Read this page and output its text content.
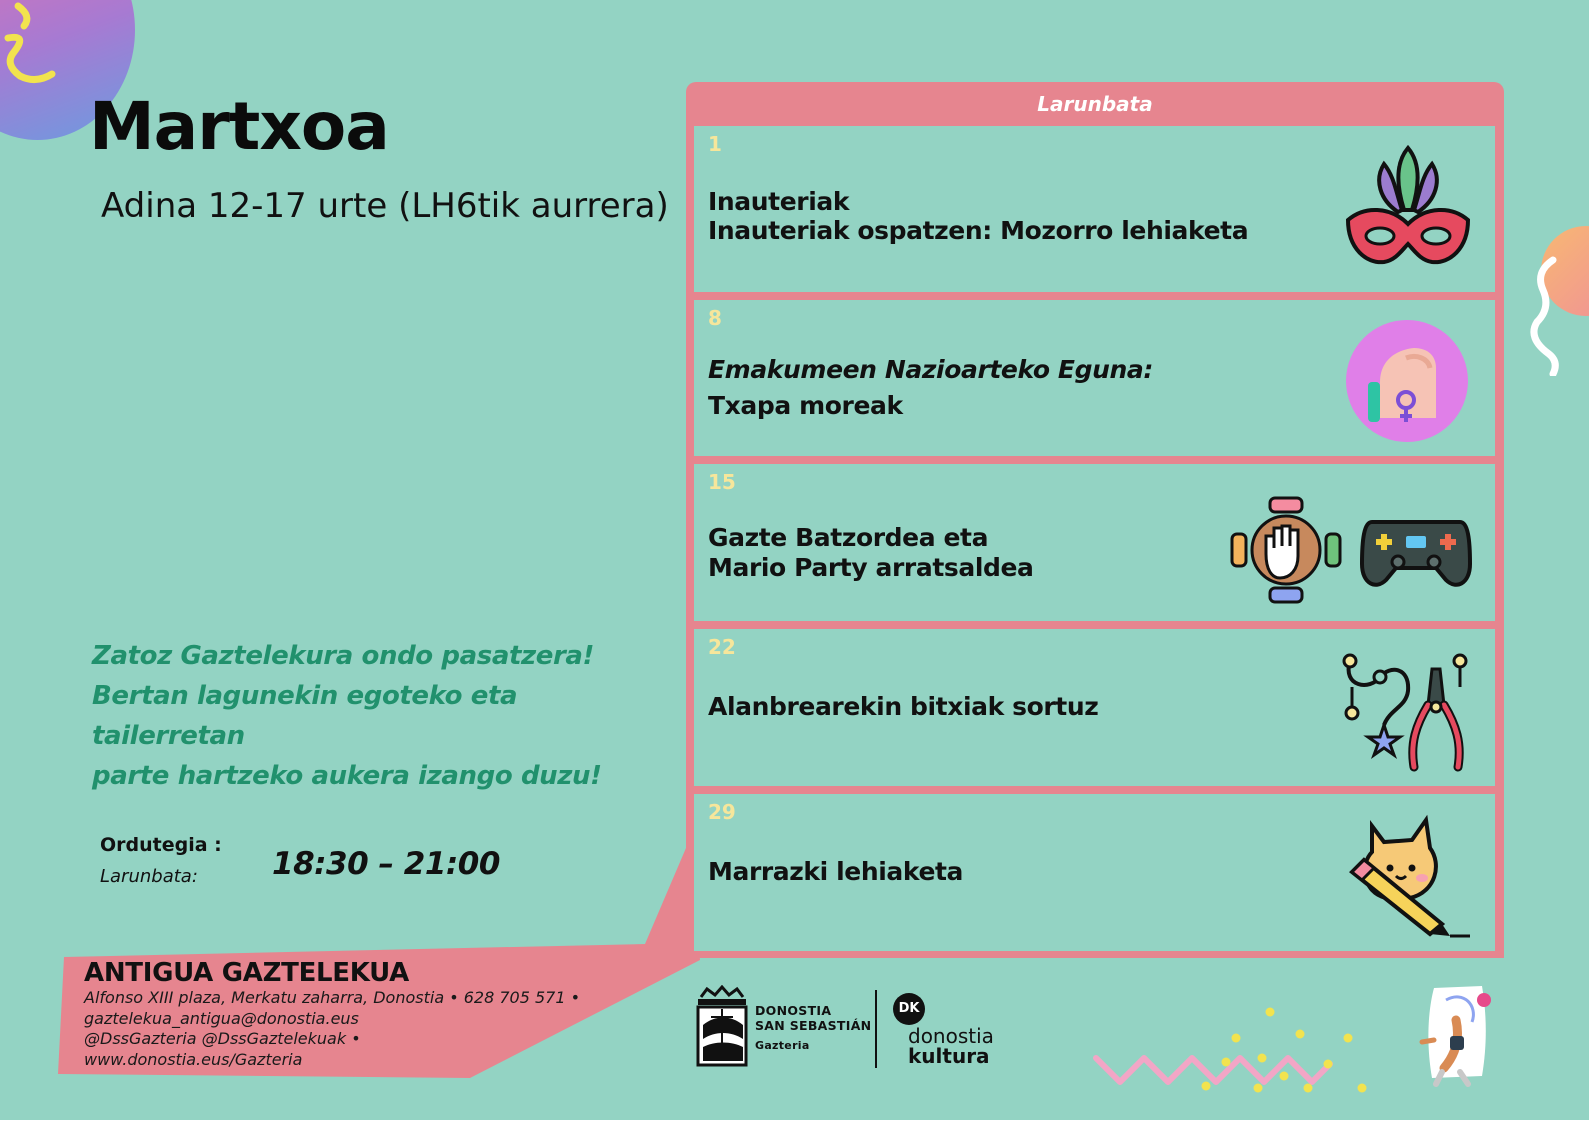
Martxoa
Adina 12-17 urte (LH6tik aurrera)
Zatoz Gaztelekura ondo pasatzera!
Bertan lagunekin egoteko eta tailerretan
parte hartzeko aukera izango duzu!
Ordutegia :
Larunbata: 18:30 – 21:00
ANTIGUA GAZTELEKUA
Alfonso XIII plaza, Merkatu zaharra, Donostia • 628 705 571 •
gaztelekua_antigua@donostia.eus
@DssGazteria @DssGaztelekuak •
www.donostia.eus/Gazteria
Larunbata
1
Inauteriak
Inauteriak ospatzen: Mozorro lehiaketa
8
Emakumeen Nazioarteko Eguna:
Txapa moreak
15
Gazte Batzordea eta
Mario Party arratsaldea
22
Alanbrearekin bitxiak sortuz
29
Marrazki lehiaketa
DONOSTIA
SAN SEBASTIÁN
Gazteria
DK
donostia
kultura
